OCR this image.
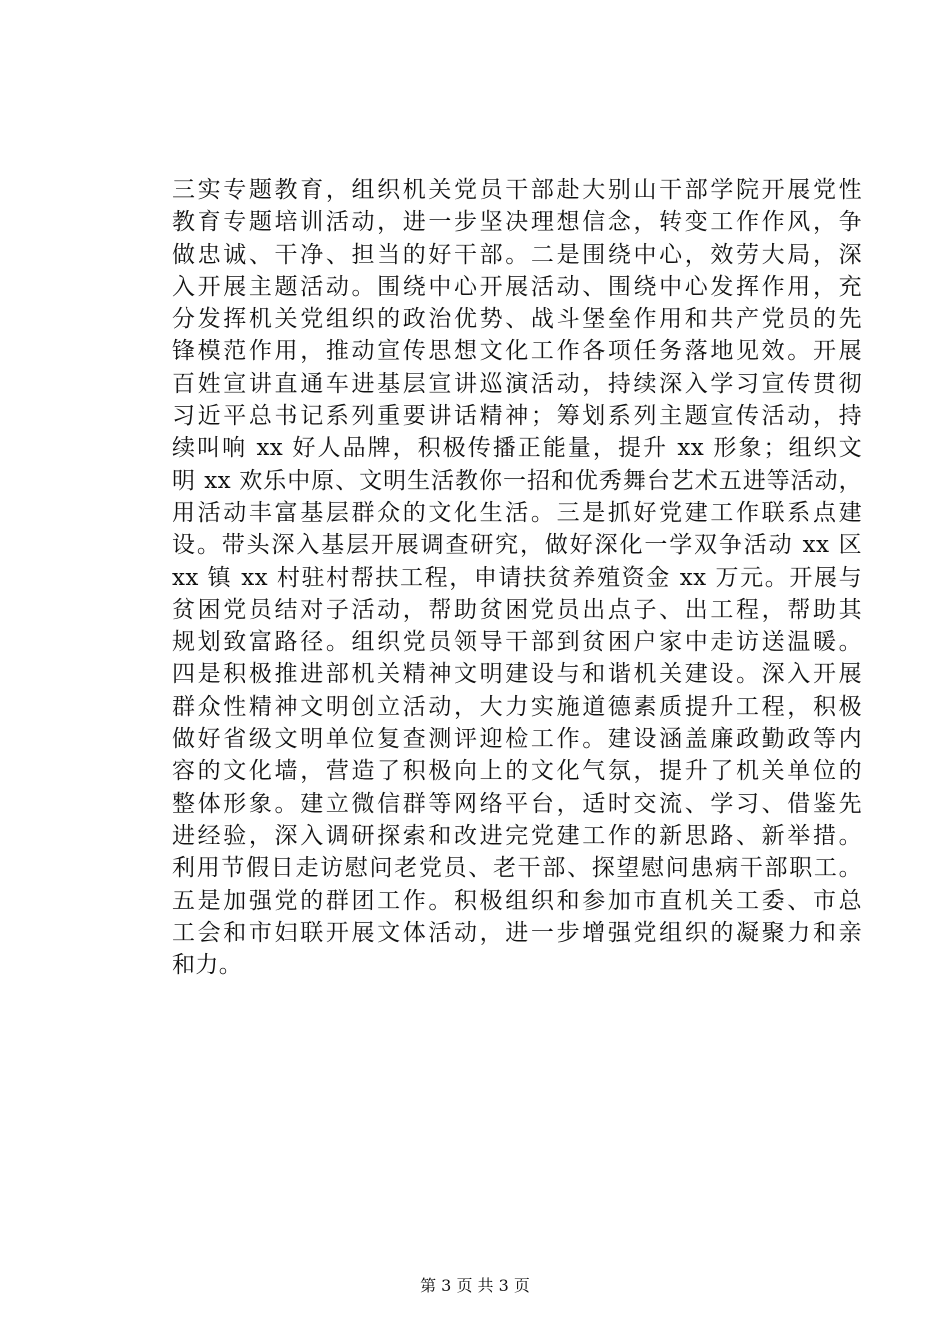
三实专题教育，组织机关党员干部赴大别山干部学院开展党性
教育专题培训活动，进一步坚决理想信念，转变工作作风，争
做忠诚、干净、担当的好干部。二是围绕中心，效劳大局，深
入开展主题活动。围绕中心开展活动、围绕中心发挥作用，充
分发挥机关党组织的政治优势、战斗堡垒作用和共产党员的先
锋模范作用，推动宣传思想文化工作各项任务落地见效。开展
百姓宣讲直通车进基层宣讲巡演活动，持续深入学习宣传贯彻
习近平总书记系列重要讲话精神；筹划系列主题宣传活动，持
续叫响 xx 好人品牌，积极传播正能量，提升 xx 形象；组织文
明 xx 欢乐中原、文明生活教你一招和优秀舞台艺术五进等活动，
用活动丰富基层群众的文化生活。三是抓好党建工作联系点建
设。带头深入基层开展调查研究，做好深化一学双争活动 xx 区
xx 镇 xx 村驻村帮扶工程，申请扶贫养殖资金 xx 万元。开展与
贫困党员结对子活动，帮助贫困党员出点子、出工程，帮助其
规划致富路径。组织党员领导干部到贫困户家中走访送温暖。
四是积极推进部机关精神文明建设与和谐机关建设。深入开展
群众性精神文明创立活动，大力实施道德素质提升工程，积极
做好省级文明单位复查测评迎检工作。建设涵盖廉政勤政等内
容的文化墙，营造了积极向上的文化气氛，提升了机关单位的
整体形象。建立微信群等网络平台，适时交流、学习、借鉴先
进经验，深入调研探索和改进完党建工作的新思路、新举措。
利用节假日走访慰问老党员、老干部、探望慰问患病干部职工。
五是加强党的群团工作。积极组织和参加市直机关工委、市总
工会和市妇联开展文体活动，进一步增强党组织的凝聚力和亲
和力。
第 3 页 共 3 页
